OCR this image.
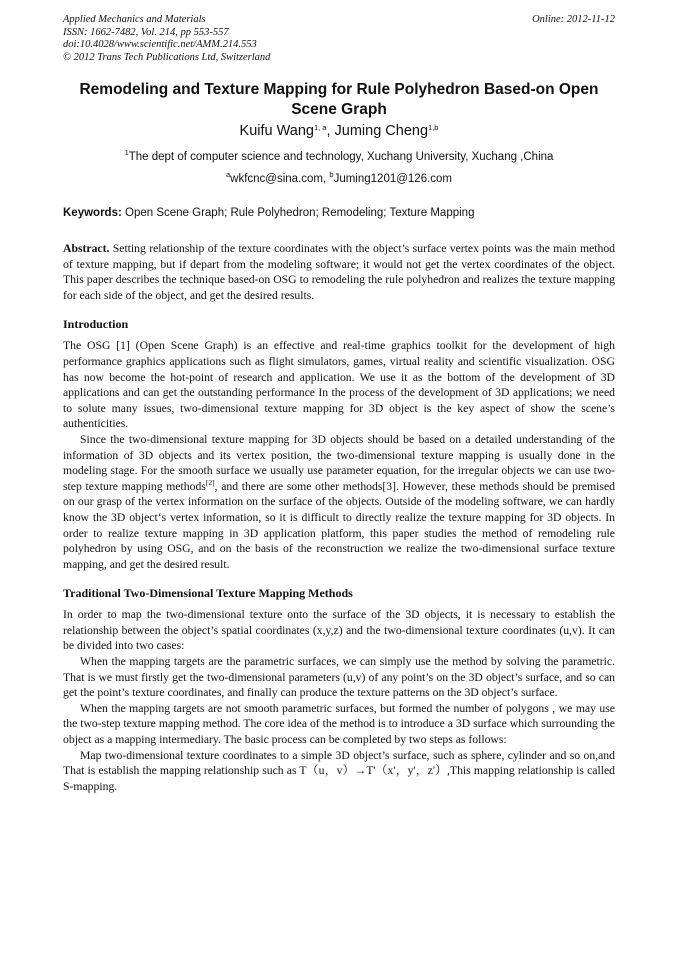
Applied Mechanics and Materials
ISSN: 1662-7482, Vol. 214, pp 553-557
doi:10.4028/www.scientific.net/AMM.214.553
© 2012 Trans Tech Publications Ltd, Switzerland
Online: 2012-11-12
Remodeling and Texture Mapping for Rule Polyhedron Based-on Open Scene Graph
Kuifu Wang$^{1, a}$, Juming Cheng$^{1,b}$
$^1$The dept of computer science and technology, Xuchang University, Xuchang ,China
$^a$wkfcnc@sina.com, $^b$Juming1201@126.com
Keywords: Open Scene Graph; Rule Polyhedron; Remodeling; Texture Mapping

Abstract. Setting relationship of the texture coordinates with the object’s surface vertex points was the main method of texture mapping, but if depart from the modeling software; it would not get the vertex coordinates of the object. This paper describes the technique based-on OSG to remodeling the rule polyhedron and realizes the texture mapping for each side of the object, and get the desired results.

Introduction

The OSG [1] (Open Scene Graph) is an effective and real-time graphics toolkit for the development of high performance graphics applications such as flight simulators, games, virtual reality and scientific visualization. OSG has now become the hot-point of research and application. We use it as the bottom of the development of 3D applications and can get the outstanding performance In the process of the development of 3D applications; we need to solute many issues, two-dimensional texture mapping for 3D object is the key aspect of show the scene’s authenticities.

Since the two-dimensional texture mapping for 3D objects should be based on a detailed understanding of the information of 3D objects and its vertex position, the two-dimensional texture mapping is usually done in the modeling stage. For the smooth surface we usually use parameter equation, for the irregular objects we can use two-step texture mapping methods[2], and there are some other methods[3]. However, these methods should be premised on our grasp of the vertex information on the surface of the objects. Outside of the modeling software, we can hardly know the 3D object‘s vertex information, so it is difficult to directly realize the texture mapping for 3D objects. In order to realize texture mapping in 3D application platform, this paper studies the method of remodeling rule polyhedron by using OSG, and on the basis of the reconstruction we realize the two-dimensional surface texture mapping, and get the desired result.

Traditional Two-Dimensional Texture Mapping Methods

In order to map the two-dimensional texture onto the surface of the 3D objects, it is necessary to establish the relationship between the object’s spatial coordinates (x,y,z) and the two-dimensional texture coordinates (u,v). It can be divided into two cases:

When the mapping targets are the parametric surfaces, we can simply use the method by solving the parametric. That is we must firstly get the two-dimensional parameters (u,v) of any point’s on the 3D object’s surface, and so can get the point’s texture coordinates, and finally can produce the texture patterns on the 3D object’s surface.

When the mapping targets are not smooth parametric surfaces, but formed the number of polygons , we may use the two-step texture mapping method. The core idea of the method is to introduce a 3D surface which surrounding the object as a mapping intermediary. The basic process can be completed by two steps as follows:

Map two-dimensional texture coordinates to a simple 3D object’s surface, such as sphere, cylinder and so on,and That is establish the mapping relationship such as T（u，v）→T'（x'，y'，z'）,This mapping relationship is called S-mapping.
